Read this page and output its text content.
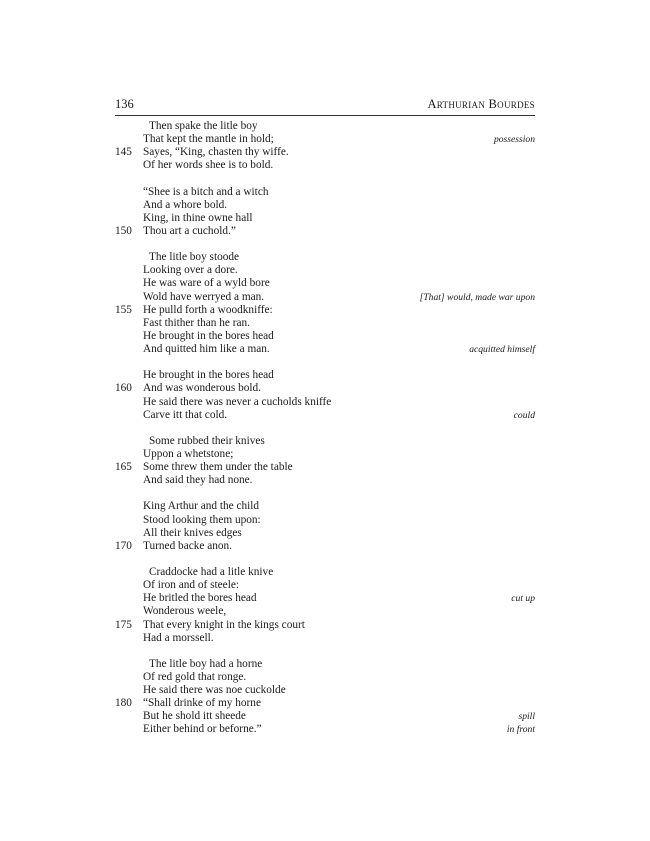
136	Arthurian Bourdes
Then spake the litle boy
That kept the mantle in hold;	possession
145 Sayes, “King, chasten thy wiffe.
Of her words shee is to bold.
“Shee is a bitch and a witch
And a whore bold.
King, in thine owne hall
150 Thou art a cuchold.”
The litle boy stoode
Looking over a dore.
He was ware of a wyld bore
Wold have werryed a man.	[That] would, made war upon
155 He pulld forth a woodkniffe:
Fast thither than he ran.
He brought in the bores head
And quitted him like a man.	acquitted himself
He brought in the bores head
160 And was wonderous bold.
He said there was never a cucholds kniffe
Carve itt that cold.	could
Some rubbed their knives
Uppon a whetstone;
165 Some threw them under the table
And said they had none.
King Arthur and the child
Stood looking them upon:
All their knives edges
170 Turned backe anon.
Craddocke had a litle knive
Of iron and of steele:
He britled the bores head	cut up
Wonderous weele,
175 That every knight in the kings court
Had a morssell.
The litle boy had a horne
Of red gold that ronge.
He said there was noe cuckolde
180 “Shall drinke of my horne
But he shold itt sheede	spill
Either behind or beforne.”	in front
